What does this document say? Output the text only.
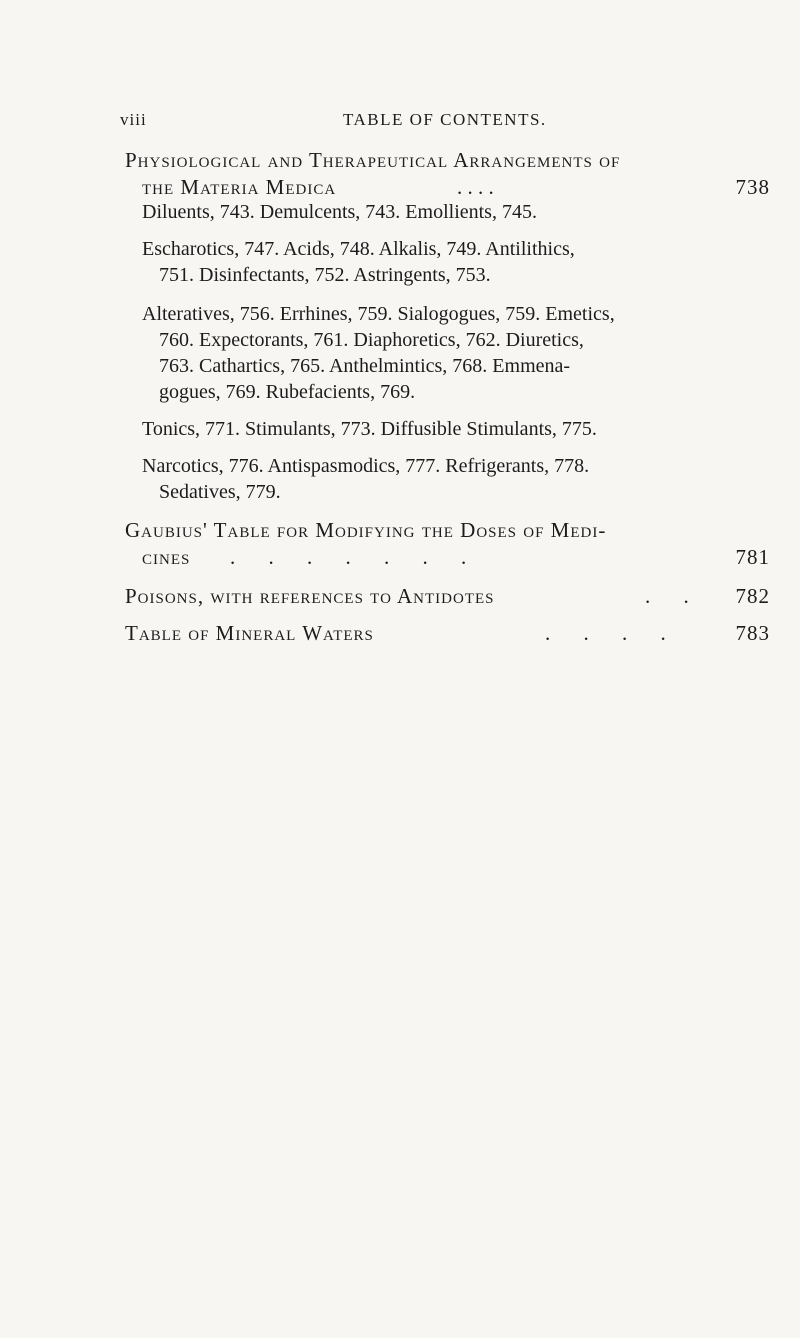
viii	TABLE OF CONTENTS.
Physiological and Therapeutical Arrangements of
the Materia Medica	. . . .	738
Diluents, 743. Demulcents, 743. Emollients, 745.
Escharotics, 747. Acids, 748. Alkalis, 749. Antilithics,
751. Disinfectants, 752. Astringents, 753.
Alteratives, 756. Errhines, 759. Sialogogues, 759. Emetics,
760. Expectorants, 761. Diaphoretics, 762. Diuretics,
763. Cathartics, 765. Anthelmintics, 768. Emmena-
gogues, 769. Rubefacients, 769.
Tonics, 771. Stimulants, 773. Diffusible Stimulants, 775.
Narcotics, 776. Antispasmodics, 777. Refrigerants, 778.
Sedatives, 779.
Gaubius' Table for Modifying the Doses of Medi-
cines . . . . . . .	781
Poisons, with references to Antidotes	. . 782
Table of Mineral Waters	. . . .	783
